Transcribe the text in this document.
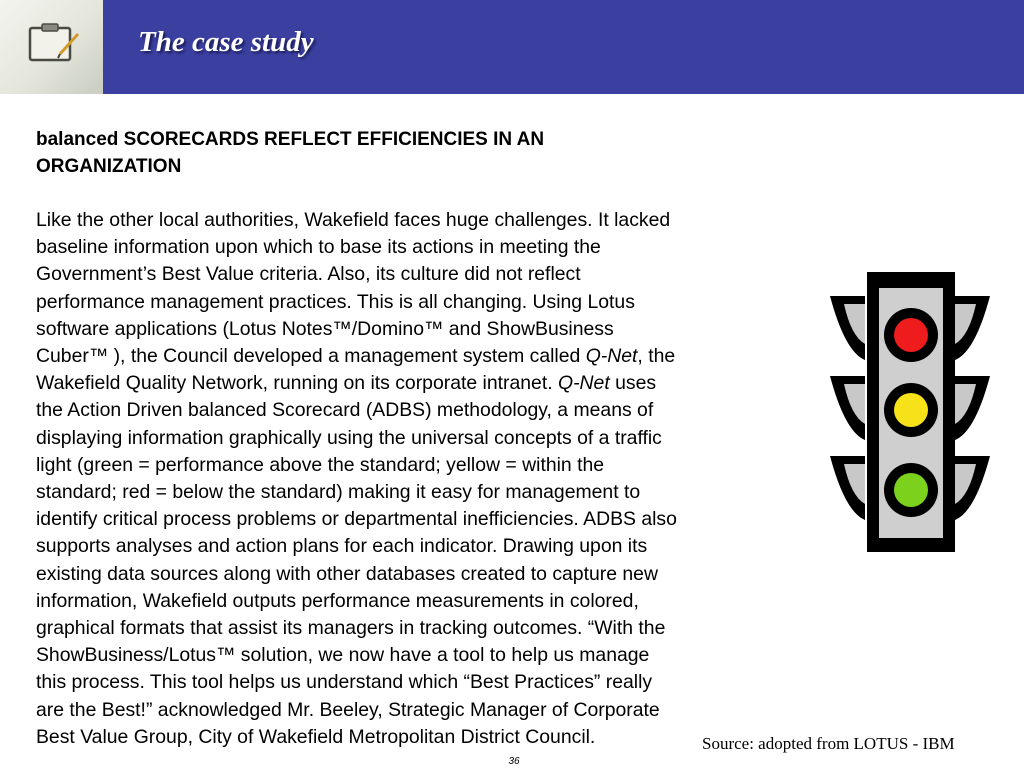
The case study
balanced SCORECARDS REFLECT EFFICIENCIES IN AN
ORGANIZATION
Like the other local authorities, Wakefield faces huge challenges. It lacked
baseline information upon which to base its actions in meeting the
Government’s Best Value criteria. Also, its culture did not reflect
performance management practices. This is all changing. Using Lotus
software applications (Lotus Notes™/Domino™ and ShowBusiness
Cuber™ ), the Council developed a management system called Q-Net, the
Wakefield Quality Network, running on its corporate intranet. Q-Net uses
the Action Driven balanced Scorecard (ADBS) methodology, a means of
displaying information graphically using the universal concepts of a traffic
light (green = performance above the standard; yellow = within the
standard; red = below the standard) making it easy for management to
identify critical process problems or departmental inefficiencies. ADBS also
supports analyses and action plans for each indicator. Drawing upon its
existing data sources along with other databases created to capture new
information, Wakefield outputs performance measurements in colored,
graphical formats that assist its managers in tracking outcomes. “With the
ShowBusiness/Lotus™ solution, we now have a tool to help us manage
this process. This tool helps us understand which “Best Practices” really
are the Best!” acknowledged Mr. Beeley, Strategic Manager of Corporate
Best Value Group, City of Wakefield Metropolitan District Council.	Source: adopted from LOTUS - IBM
36
